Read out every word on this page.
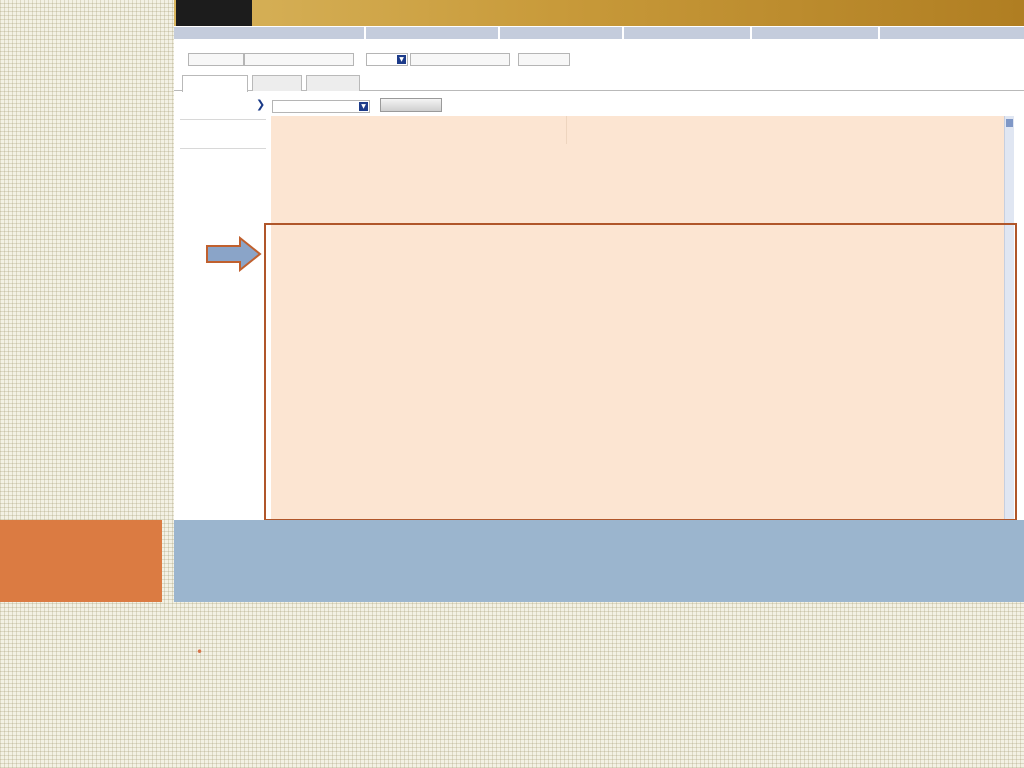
▼
❯	▼
•
